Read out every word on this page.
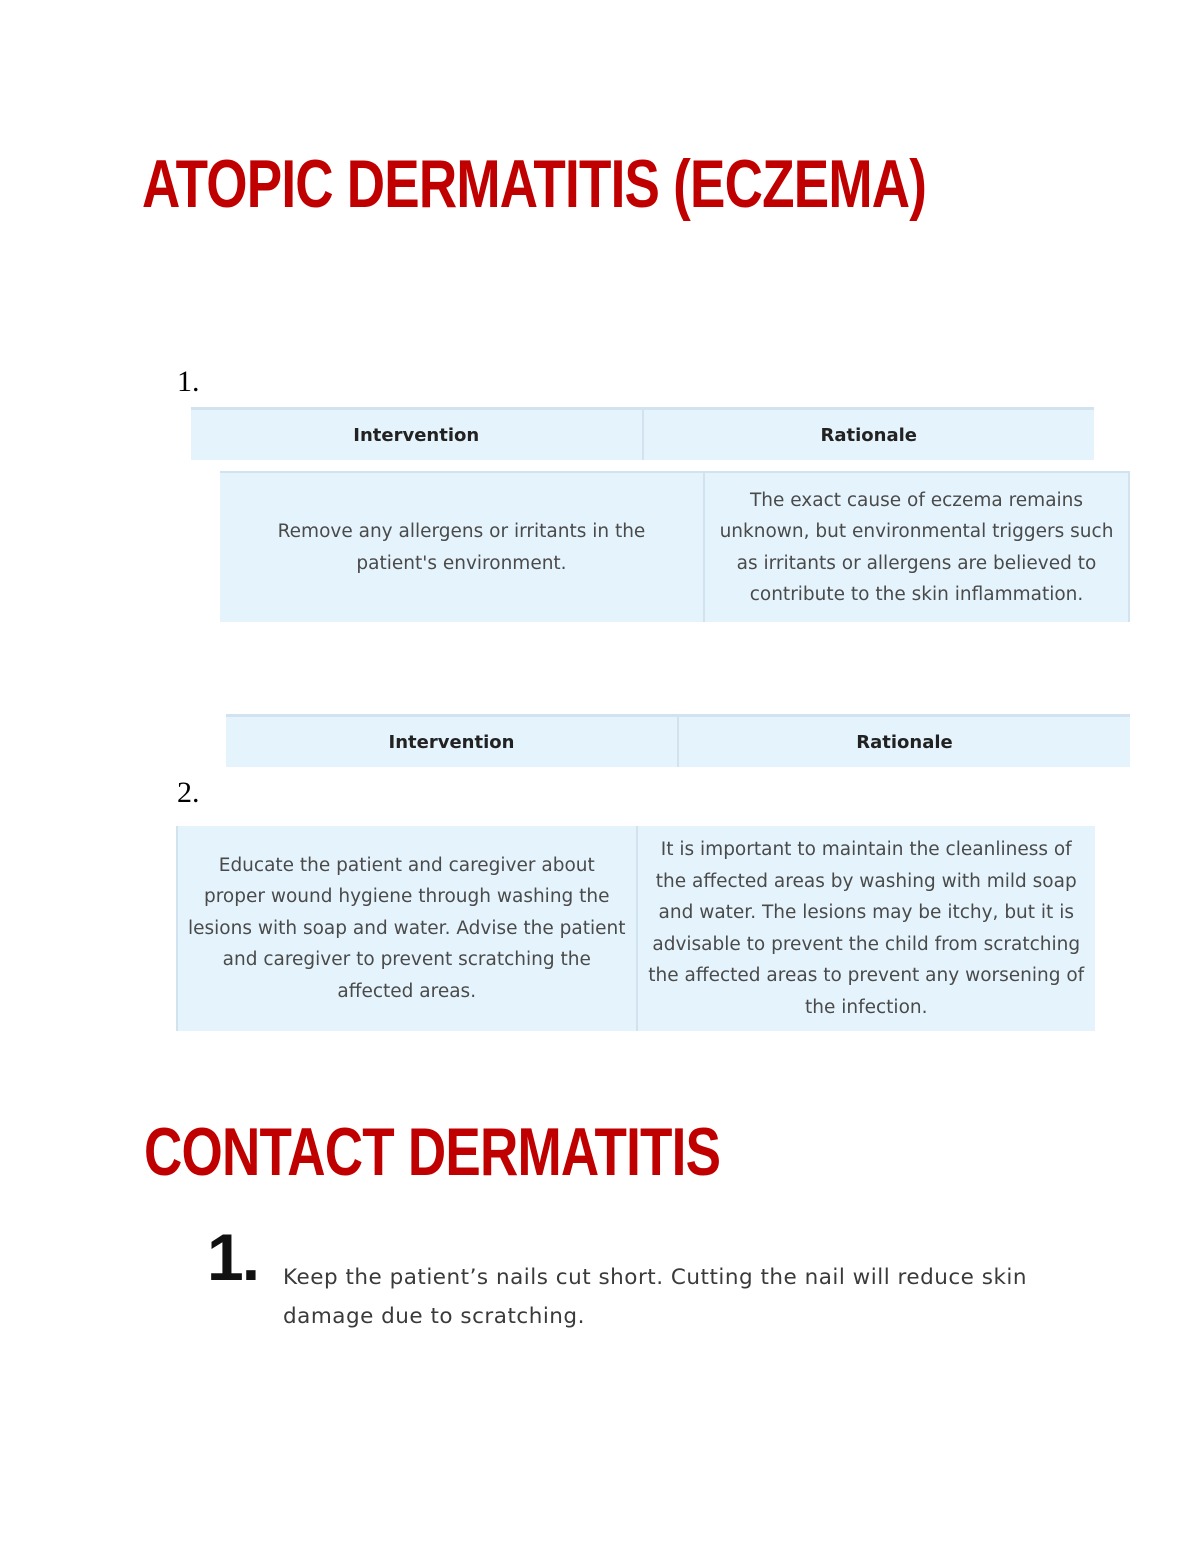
ATOPIC DERMATITIS (ECZEMA)
1.
Intervention	Rationale
Remove any allergens or irritants in the patient's environment.
The exact cause of eczema remains unknown, but environmental triggers such as irritants or allergens are believed to contribute to the skin inflammation.
Intervention	Rationale
2.
Educate the patient and caregiver about proper wound hygiene through washing the lesions with soap and water. Advise the patient and caregiver to prevent scratching the affected areas.
It is important to maintain the cleanliness of the affected areas by washing with mild soap and water. The lesions may be itchy, but it is advisable to prevent the child from scratching the affected areas to prevent any worsening of the infection.
CONTACT DERMATITIS
1. Keep the patient’s nails cut short. Cutting the nail will reduce skin damage due to scratching.
